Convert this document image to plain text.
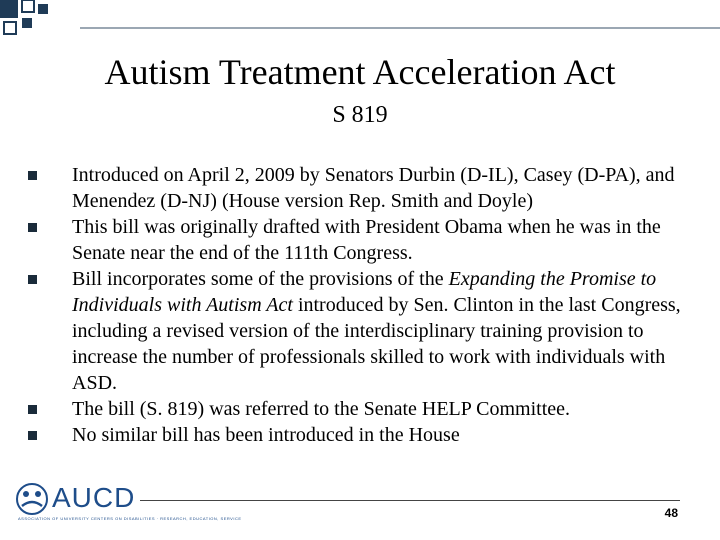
Autism Treatment Acceleration Act
S 819
Introduced on April 2, 2009 by Senators Durbin (D-IL), Casey (D-PA), and Menendez (D-NJ) (House version Rep. Smith and Doyle)
This bill was originally drafted with President Obama when he was in the Senate near the end of the 111th Congress.
Bill incorporates some of the provisions of the Expanding the Promise to Individuals with Autism Act introduced by Sen. Clinton in the last Congress, including a revised version of the interdisciplinary training provision to increase the number of professionals skilled to work with individuals with ASD.
The bill (S. 819) was referred to the Senate HELP Committee.
No similar bill has been introduced in the House
AUCD
ASSOCIATION OF UNIVERSITY CENTERS ON DISABILITIES · RESEARCH, EDUCATION, SERVICE	48
